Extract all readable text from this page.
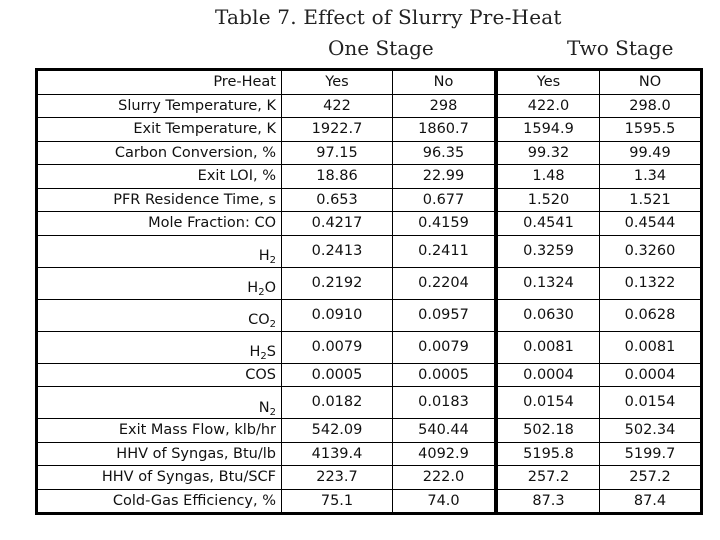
Table 7. Effect of Slurry Pre-Heat
One Stage	Two Stage
Pre-Heat	Yes	No	Yes	NO
Slurry Temperature, K	422	298	422.0	298.0
Exit Temperature, K	1922.7	1860.7	1594.9	1595.5
Carbon Conversion, %	97.15	96.35	99.32	99.49
Exit LOI, %	18.86	22.99	1.48	1.34
PFR Residence Time, s	0.653	0.677	1.520	1.521
Mole Fraction: CO	0.4217	0.4159	0.4541	0.4544
$H_2$	0.2413	0.2411	0.3259	0.3260
$H_2O$	0.2192	0.2204	0.1324	0.1322
$CO_2$	0.0910	0.0957	0.0630	0.0628
$H_2S$	0.0079	0.0079	0.0081	0.0081
COS	0.0005	0.0005	0.0004	0.0004
$N_2$	0.0182	0.0183	0.0154	0.0154
Exit Mass Flow, klb/hr	542.09	540.44	502.18	502.34
HHV of Syngas, Btu/lb	4139.4	4092.9	5195.8	5199.7
HHV of Syngas, Btu/SCF	223.7	222.0	257.2	257.2
Cold-Gas Efficiency, %	75.1	74.0	87.3	87.4
